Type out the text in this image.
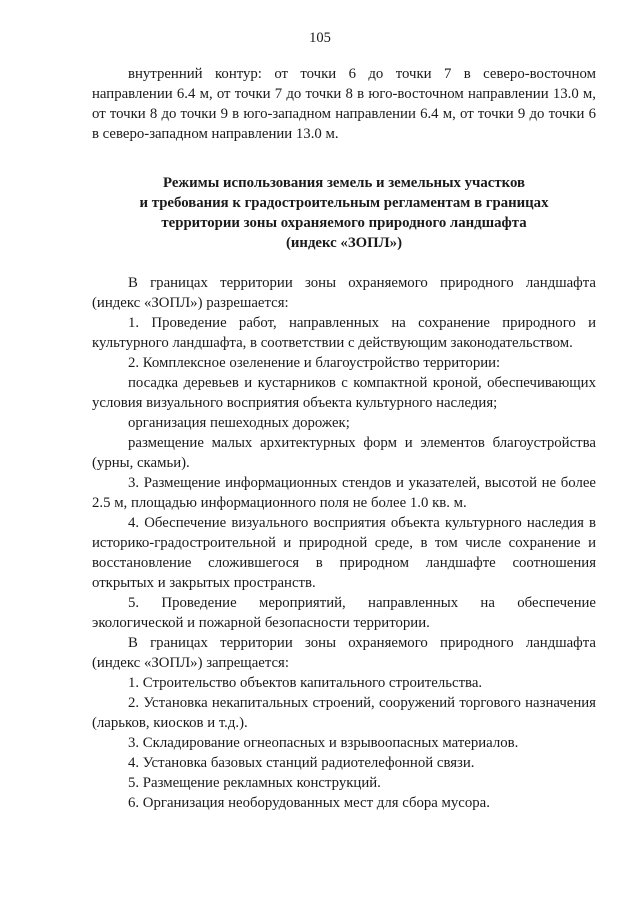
105

внутренний контур: от точки 6 до точки 7 в северо-восточном направлении 6.4 м, от точки 7 до точки 8 в юго-восточном направлении 13.0 м, от точки 8 до точки 9 в юго-западном направлении 6.4 м, от точки 9 до точки 6 в северо-западном направлении 13.0 м.

Режимы использования земель и земельных участков
и требования к градостроительным регламентам в границах
территории зоны охраняемого природного ландшафта
(индекс «ЗОПЛ»)

В границах территории зоны охраняемого природного ландшафта (индекс «ЗОПЛ») разрешается:

1. Проведение работ, направленных на сохранение природного и культурного ландшафта, в соответствии с действующим законодательством.

2. Комплексное озеленение и благоустройство территории:

посадка деревьев и кустарников с компактной кроной, обеспечивающих условия визуального восприятия объекта культурного наследия;

организация пешеходных дорожек;

размещение малых архитектурных форм и элементов благоустройства (урны, скамьи).

3. Размещение информационных стендов и указателей, высотой не более 2.5 м, площадью информационного поля не более 1.0 кв. м.

4. Обеспечение визуального восприятия объекта культурного наследия в историко-градостроительной и природной среде, в том числе сохранение и восстановление сложившегося в природном ландшафте соотношения открытых и закрытых пространств.

5. Проведение мероприятий, направленных на обеспечение экологической и пожарной безопасности территории.

В границах территории зоны охраняемого природного ландшафта (индекс «ЗОПЛ») запрещается:

1. Строительство объектов капитального строительства.

2. Установка некапитальных строений, сооружений торгового назначения (ларьков, киосков и т.д.).

3. Складирование огнеопасных и взрывоопасных материалов.

4. Установка базовых станций радиотелефонной связи.

5. Размещение рекламных конструкций.

6. Организация необорудованных мест для сбора мусора.
